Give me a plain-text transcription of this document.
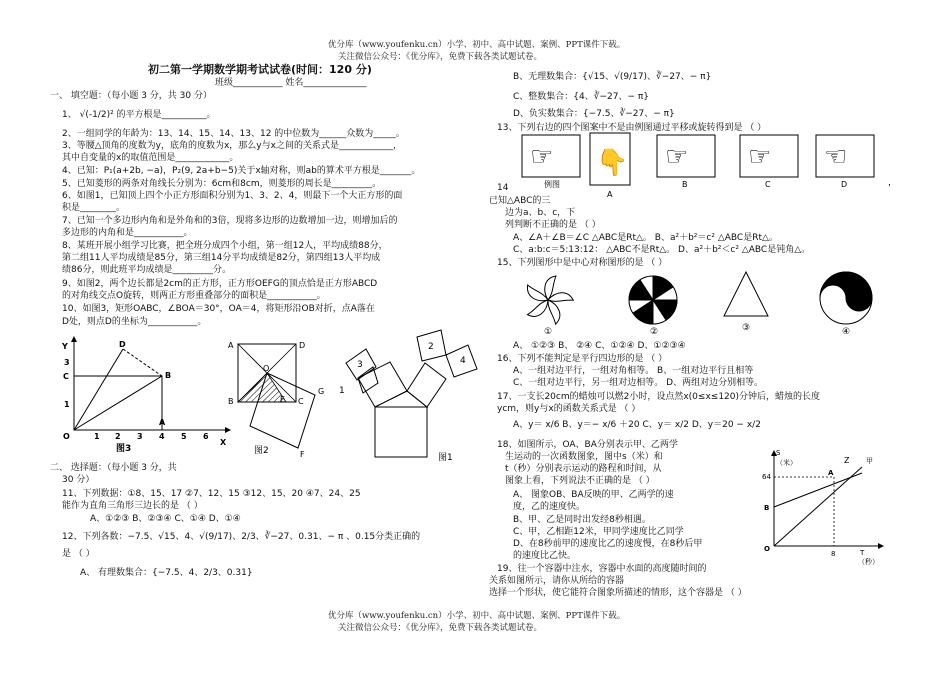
优分库（www.youfenku.cn）小学、初中、高中试题、案例、PPT课件下载。
关注微信公众号：《优分库》，免费下载各类试题试卷。
初二第一学期数学期考试试卷(时间：120 分)
班级___________ 姓名______________
一、 填空题：（每小题 3 分，共 30 分）
1、 √(-1/2)² 的平方根是__________。
2、一组同学的年龄为：13、14、15、14、13、12 的中位数为______众数为_____。
3、等腰△顶角的度数为y，底角的度数为x，那么y与x之间的关系式是____________，
其中自变量的x的取值范围是____________。
4、已知：P₁(a+2b, −a)，P₂(9, 2a+b−5)关于x轴对称，则ab的算术平方根是_______。
5、已知菱形的两条对角线长分别为：6cm和8cm，则菱形的周长是_________。
6、如图1，已知顶上四个小正方形面积分别为1、3、2、4，则最下一个大正方形的面
积是________。
7、已知一个多边形内角和是外角和的3倍，现将多边形的边数增加一边，则增加后的
多边形的内角和是___________。
8、某班开展小组学习比赛，把全班分成四个小组，第一组12人，平均成绩88分，
第二组11人平均成绩是85分，第三组14分平均成绩是82分，第四组13人平均成
绩86分，则此班平均成绩是_________分。
9、如图2，两个边长都是2cm的正方形，正方形OEFG的顶点恰是正方形ABCD
的对角线交点O旋转，则两正方形重叠部分的面积是___________。
10、如图3，矩形OABC，∠BOA＝30°，OA＝4，将矩形沿OB对折，点A落在
D处，则点D的坐标为___________。
Y
X
O
3
C
1
1 2 3 4 5 6
A
B
D
图3
A	D
O
B	C
E
G
F
图2
3
2
4
1
图1
二、 选择题：（每小题 3 分，共
30 分）
11、下列数据：①8、15、17 ②7、12、15 ③12、15、20 ④7、24、25
能作为直角三角形三边长的是 （ ）
A、①②③ B、②③④ C、①④ D、①④
12、下列各数：−7.5、√15、4、√(9/17)、2/3、∛−27、0.31、− π 、0.15分类正确的
是 （ ）
A、 有理数集合：{−7.5、4、2/3、0.31}
B、无理数集合：{√15、√(9/17)、∛−27、− π}
C、整数集合：{4、∛−27、− π}
D、负实数集合：{−7.5、∛−27、− π}
13、下列右边的四个图案中不是由例图通过平移或旋转得到是 （ ）
☞
例图
👇
A
☞
B
☞
C
☜
D	，
14
已知△ABC的三
边为a、b、c，下
列判断不正确的是 （ ）
A、∠A＋∠B＝∠C △ABC是Rt△。 B、a²＋b²＝c² △ABC是Rt△。
C、a:b:c＝5:13:12： △ABC不是Rt△。 D、a²＋b²＜c² △ABC是钝角△。
15、下列图形中是中心对称图形的是 （ ）
①	②	③	④
A、 ①②③ B、 ②④ C、①②④ D、①②③④
16、下列不能判定是平行四边形的是 （ ）
A、一组对边平行，一组对角相等。 B、一组对边平行且相等
C、一组对边平行，另一组对边相等。 D、两组对边分别相等。
17、一支长20cm的蜡烛可以燃2小时，设点然x(0≤x≤120)分钟后，蜡烛的长度
ycm，则y与x的函数关系式是 （ ）
A、y＝ x/6 B、y＝− x/6 ＋20 C、y＝ x/2 D、y＝20 − x/2
18、如图所示，OA、BA分别表示甲、乙两学
生运动的一次函数图象，图中s（米）和
t（秒）分别表示运动的路程和时间，从
图象上看，下列说法不正确的是 （ ）
A、 图象OB、BA反映的甲、乙两学的速
度，乙的速度快。
B、甲、乙是同时出发经8秒相遇。
C、甲，乙相距12米，甲同学速度比乙同学
D、在8秒前甲的速度比乙的速度慢，在8秒后甲
的速度比乙快。
S
（米）
64
B
O
8
A
Z 甲
T
（秒）
19、往一个容器中注水，容器中水面的高度随时间的
关系如图所示，请你从所给的容器
选择一个形状，使它能符合图象所描述的情形，这个容器是 （ ）
优分库（www.youfenku.cn）小学、初中、高中试题、案例、PPT课件下载。
关注微信公众号：《优分库》，免费下载各类试题试卷。
